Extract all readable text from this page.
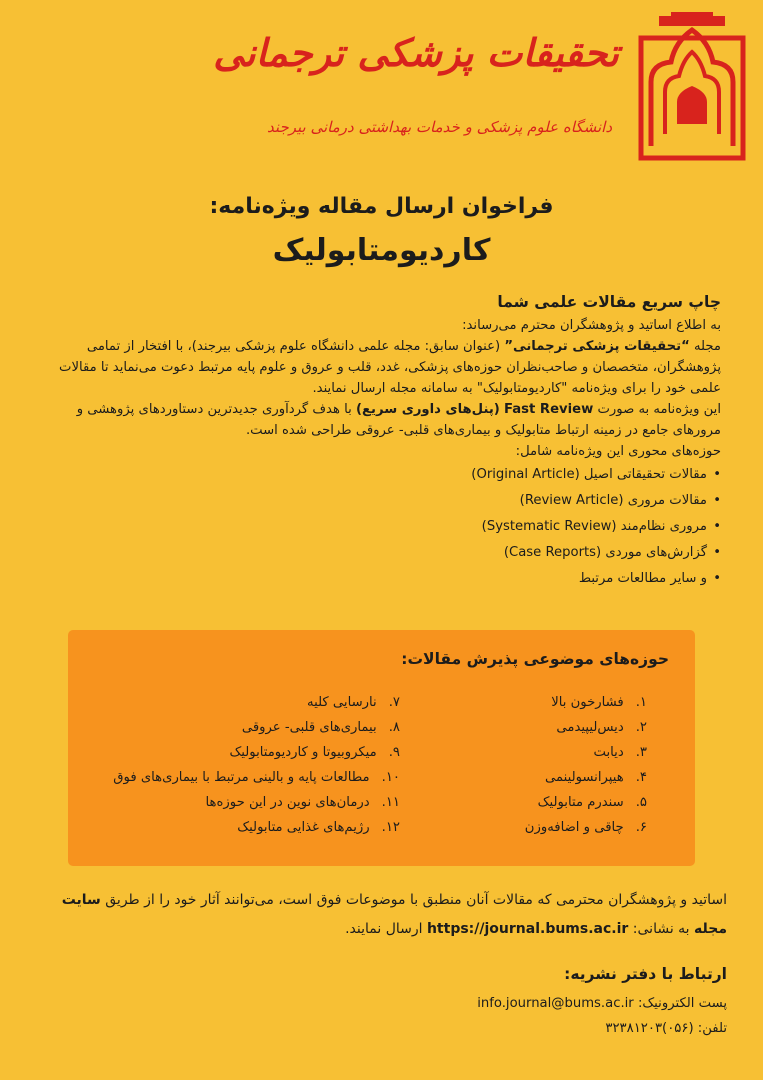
تحقیقات پزشکی ترجمانی
دانشگاه علوم پزشکی و خدمات بهداشتی درمانی بیرجند
فراخوان ارسال مقاله ویژه‌نامه:
کاردیومتابولیک
چاپ سریع مقالات علمی شما

به اطلاع اساتید و پژوهشگران محترم می‌رساند:

مجله “تحقیقات پزشکی ترجمانی” (عنوان سابق: مجله علمی دانشگاه علوم پزشکی بیرجند)، با افتخار از تمامی پژوهشگران، متخصصان و صاحب‌نظران حوزه‌های پزشکی، غدد، قلب و عروق و علوم پایه مرتبط دعوت می‌نماید تا مقالات علمی خود را برای ویژه‌نامه "کاردیومتابولیک" به سامانه مجله ارسال نمایند.

این ویژه‌نامه به صورت Fast Review (پنل‌های داوری سریع) با هدف گردآوری جدیدترین دستاوردهای پژوهشی و مرورهای جامع در زمینه ارتباط متابولیک و بیماری‌های قلبی- عروقی طراحی شده است.

حوزه‌های محوری این ویژه‌نامه شامل:

• مقالات تحقیقاتی اصیل (Original Article)
• مقالات مروری (Review Article)
• مروری نظام‌مند (Systematic Review)
• گزارش‌های موردی (Case Reports)
• و سایر مطالعات مرتبط
حوزه‌های موضوعی پذیرش مقالات:
۱.فشارخون بالا
۲.دیس‌لیپیدمی
۳.دیابت
۴.هیپرانسولینمی
۵.سندرم متابولیک
۶.چاقی و اضافه‌وزن
۷.نارسایی کلیه
۸.بیماری‌های قلبی- عروقی
۹.میکروبیوتا و کاردیومتابولیک
۱۰.مطالعات پایه و بالینی مرتبط با بیماری‌های فوق
۱۱.درمان‌های نوین در این حوزه‌ها
۱۲.رژیم‌های غذایی متابولیک
اساتید و پژوهشگران محترمی که مقالات آنان منطبق با موضوعات فوق است، می‌توانند آثار خود را از طریق سایت مجله به نشانی: https://journal.bums.ac.ir ارسال نمایند.
ارتباط با دفتر نشریه:
پست الکترونیک: info.journal@bums.ac.ir
تلفن: (۰۵۶)۳۲۳۸۱۲۰۳
